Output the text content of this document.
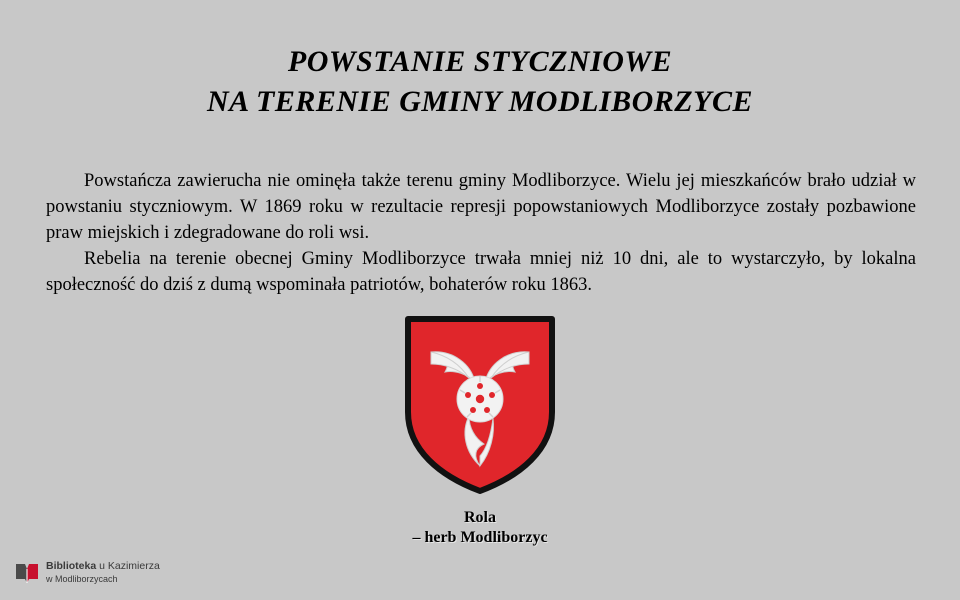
POWSTANIE STYCZNIOWE
NA TERENIE GMINY MODLIBORZYCE

Powstańcza zawierucha nie ominęła także terenu gminy Modliborzyce. Wielu jej mieszkańców brało udział w powstaniu styczniowym. W 1869 roku w rezultacie represji popowstaniowych Modliborzyce zostały pozbawione praw miejskich i zdegradowane do roli wsi.

Rebelia na terenie obecnej Gminy Modliborzyce trwała mniej niż 10 dni, ale to wystarczyło, by lokalna społeczność do dziś z dumą wspominała patriotów, bohaterów roku 1863.

Rola
– herb Modliborzyc
Biblioteka u Kazimierza
w Modliborzycach
